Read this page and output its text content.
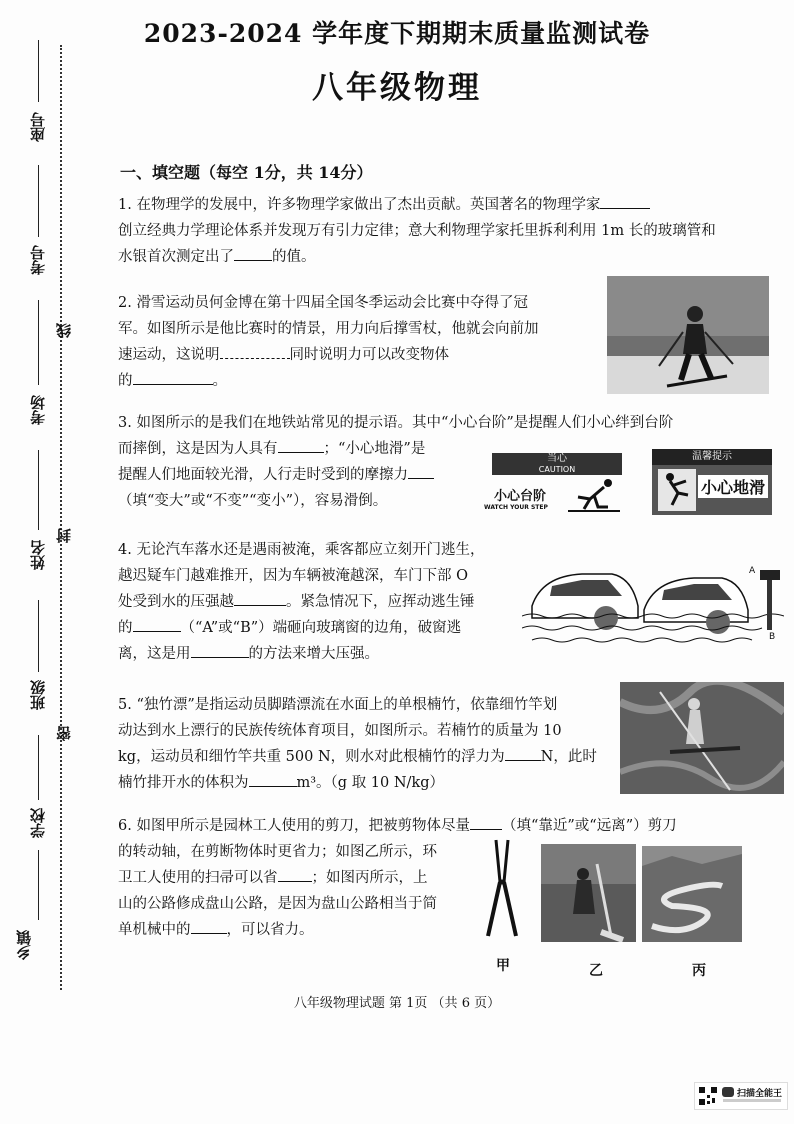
座号
考号
考场
姓名
班级
学校
乡镇
线
封
密
2023-2024 学年度下期期末质量监测试卷
八年级物理
一、填空题（每空 1分，共 14分）
1. 在物理学的发展中，许多物理学家做出了杰出贡献。英国著名的物理学家
创立经典力学理论体系并发现万有引力定律；意大利物理学家托里拆利利用 1m 长的玻璃管和
水银首次测定出了	的值。
2. 滑雪运动员何金博在第十四届全国冬季运动会比赛中夺得了冠
军。如图所示是他比赛时的情景，用力向后撑雪杖，他就会向前加
速运动，这说明	同时说明力可以改变物体
的	。
3. 如图所示的是我们在地铁站常见的提示语。其中“小心台阶”是提醒人们小心绊到台阶
而摔倒，这是因为人具有	；“小心地滑”是
提醒人们地面较光滑，人行走时受到的摩擦力
（填“变大”或“不变”“变小”），容易滑倒。
当心
CAUTION
小心台阶
WATCH YOUR STEP
温馨提示
小心地滑
4. 无论汽车落水还是遇雨被淹，乘客都应立刻开门逃生，
越迟疑车门越难推开，因为车辆被淹越深，车门下部 O
处受到水的压强越	。紧急情况下，应挥动逃生锤
的	（“A”或“B”）端砸向玻璃窗的边角，破窗逃
离，这是用	的方法来增大压强。
A
B
5. “独竹漂”是指运动员脚踏漂流在水面上的单根楠竹，依靠细竹竿划
动达到水上漂行的民族传统体育项目，如图所示。若楠竹的质量为 10
kg，运动员和细竹竿共重 500 N，则水对此根楠竹的浮力为 N，此时
楠竹排开水的体积为	m³。（g 取 10 N/kg）
6. 如图甲所示是园林工人使用的剪刀，把被剪物体尽量 （填“靠近”或“远离”）剪刀
的转动轴，在剪断物体时更省力；如图乙所示，环
卫工人使用的扫帚可以省 ；如图丙所示，上
山的公路修成盘山公路，是因为盘山公路相当于简
单机械中的 ，可以省力。
甲	乙	丙
八年级物理试题 第 1页 （共 6 页）
扫描全能王
